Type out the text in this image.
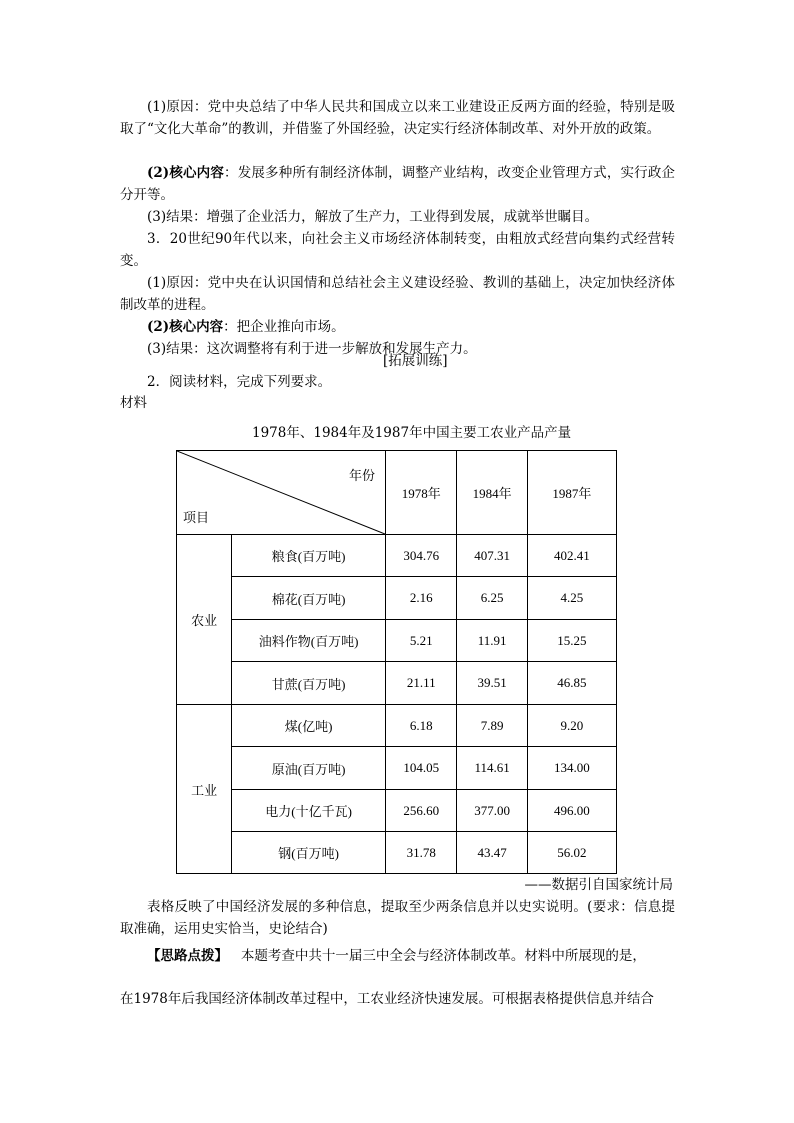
(1)原因：党中央总结了中华人民共和国成立以来工业建设正反两方面的经验，特别是吸取了“文化大革命”的教训，并借鉴了外国经验，决定实行经济体制改革、对外开放的政策。

(2)核心内容：发展多种所有制经济体制，调整产业结构，改变企业管理方式，实行政企分开等。

(3)结果：增强了企业活力，解放了生产力，工业得到发展，成就举世瞩目。

3．20世纪90年代以来，向社会主义市场经济体制转变，由粗放式经营向集约式经营转变。

(1)原因：党中央在认识国情和总结社会主义建设经验、教训的基础上，决定加快经济体制改革的进程。

(2)核心内容：把企业推向市场。

(3)结果：这次调整将有利于进一步解放和发展生产力。

[拓展训练]

2．阅读材料，完成下列要求。

材料
1978年、1984年及1987年中国主要工农业产品产量
年份
项目		1978年	1984年	1987年
农业	粮食(百万吨)	304.76	407.31	402.41
	棉花(百万吨)	2.16	6.25	4.25
	油料作物(百万吨)	5.21	11.91	15.25
	甘蔗(百万吨)	21.11	39.51	46.85
工业	煤(亿吨)	6.18	7.89	9.20
	原油(百万吨)	104.05	114.61	134.00
	电力(十亿千瓦)	256.60	377.00	496.00
	钢(百万吨)	31.78	43.47	56.02
——数据引自国家统计局

表格反映了中国经济发展的多种信息，提取至少两条信息并以史实说明。(要求：信息提取准确，运用史实恰当，史论结合)

【思路点拨】 本题考查中共十一届三中全会与经济体制改革。材料中所展现的是，

在1978年后我国经济体制改革过程中，工农业经济快速发展。可根据表格提供信息并结合
